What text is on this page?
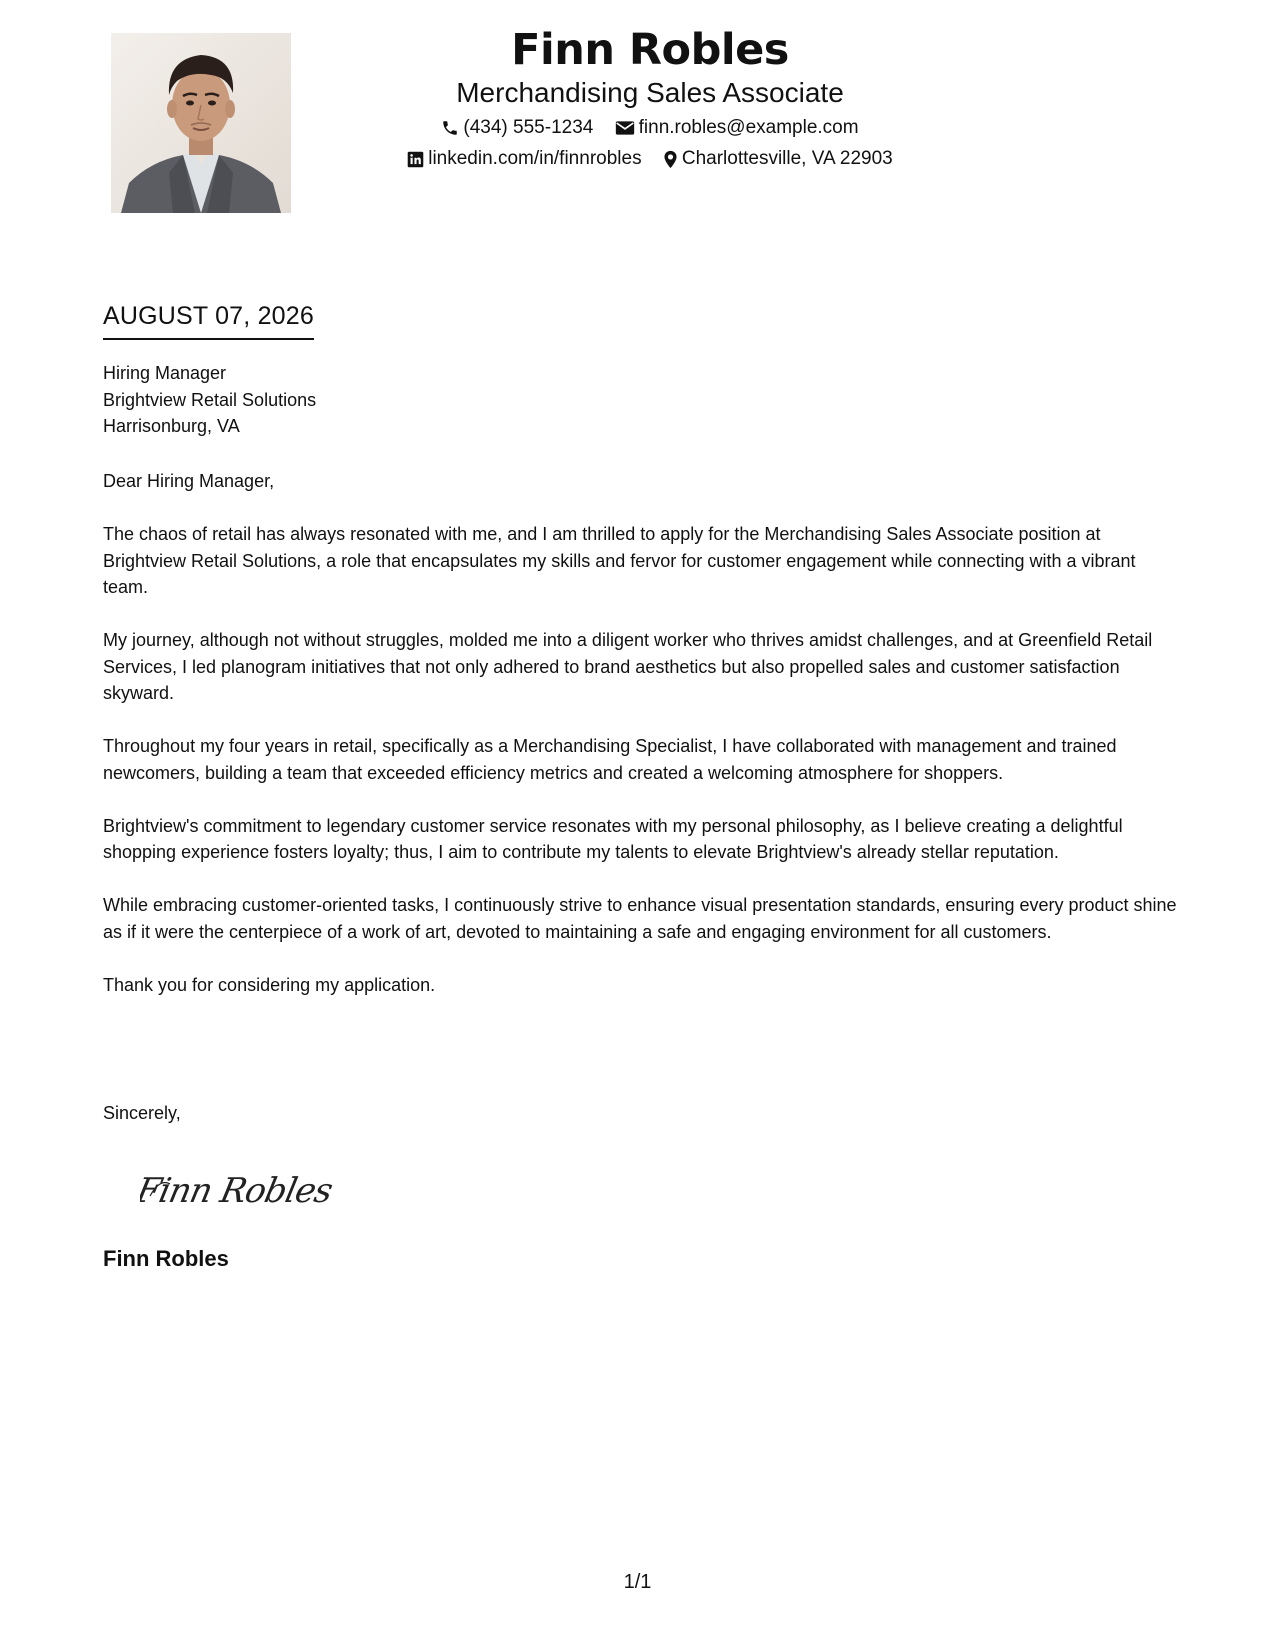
Finn Robles
Merchandising Sales Associate
(434) 555-1234
finn.robles@example.com
linkedin.com/in/finnrobles
Charlottesville, VA 22903
AUGUST 07, 2026
Hiring Manager
Brightview Retail Solutions
Harrisonburg, VA

Dear Hiring Manager,

The chaos of retail has always resonated with me, and I am thrilled to apply for the Merchandising Sales Associate position at Brightview Retail Solutions, a role that encapsulates my skills and fervor for customer engagement while connecting with a vibrant team.

My journey, although not without struggles, molded me into a diligent worker who thrives amidst challenges, and at Greenfield Retail Services, I led planogram initiatives that not only adhered to brand aesthetics but also propelled sales and customer satisfaction skyward.

Throughout my four years in retail, specifically as a Merchandising Specialist, I have collaborated with management and trained newcomers, building a team that exceeded efficiency metrics and created a welcoming atmosphere for shoppers.

Brightview's commitment to legendary customer service resonates with my personal philosophy, as I believe creating a delightful shopping experience fosters loyalty; thus, I aim to contribute my talents to elevate Brightview's already stellar reputation.

While embracing customer-oriented tasks, I continuously strive to enhance visual presentation standards, ensuring every product shine as if it were the centerpiece of a work of art, devoted to maintaining a safe and engaging environment for all customers.

Thank you for considering my application.

Sincerely,
Finn Robles
Finn Robles
1/1
